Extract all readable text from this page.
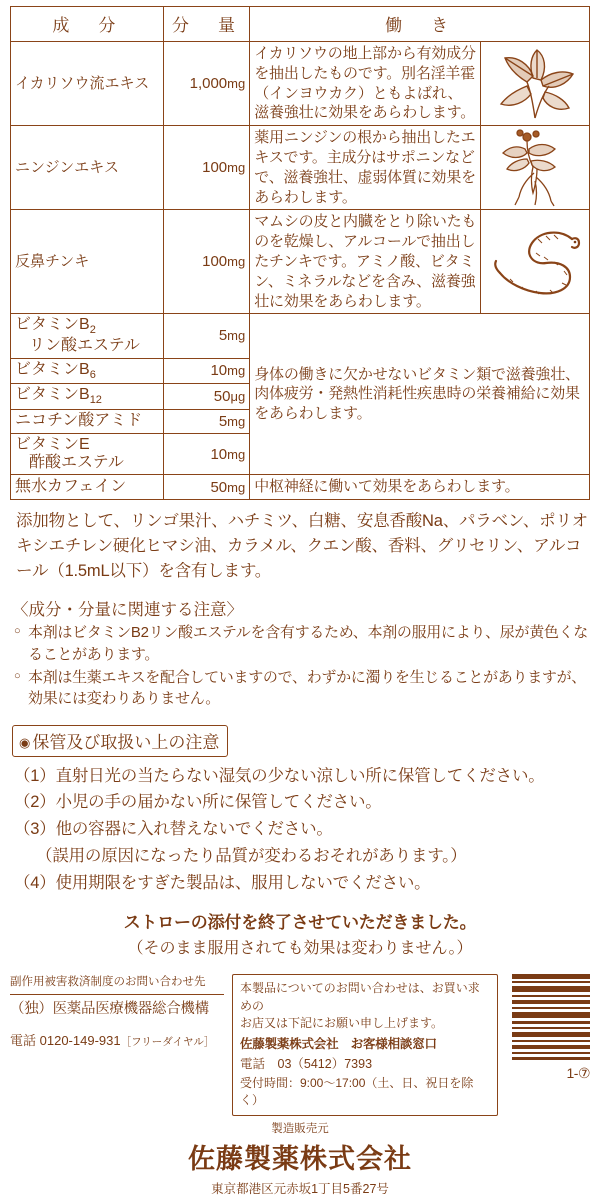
成　分	分　量	働　き	
イカリソウ流エキス	1,000mg	イカリソウの地上部から有効成分を抽出したものです。別名淫羊霍（インヨウカク）ともよばれ、滋養強壮に効果をあらわします。	

ニンジンエキス	100mg	薬用ニンジンの根から抽出したエキスです。主成分はサポニンなどで、滋養強壮、虚弱体質に効果をあらわします。	

反鼻チンキ	100mg	マムシの皮と内臓をとり除いたものを乾燥し、アルコールで抽出したチンキです。アミノ酸、ビタミン、ミネラルなどを含み、滋養強壮に効果をあらわします。	

ビタミン$B_2$
リン酸エステル	5mg	身体の働きに欠かせないビタミン類で滋養強壮、肉体疲労・発熱性消耗性疾患時の栄養補給に効果をあらわします。	
ビタミン$B_6$	10mg		
ビタミン$B_{12}$	50μg		
ニコチン酸アミド	5mg		
ビタミンE
酢酸エステル	10mg		
無水カフェイン	50mg	中枢神経に働いて効果をあらわします。	
添加物として、リンゴ果汁、ハチミツ、白糖、安息香酸Na、パラベン、ポリオキシエチレン硬化ヒマシ油、カラメル、クエン酸、香料、グリセリン、アルコール（1.5mL以下）を含有します。
〈成分・分量に関連する注意〉
○ 本剤はビタミンB2リン酸エステルを含有するため、本剤の服用により、尿が黄色くなることがあります。
○ 本剤は生薬エキスを配合していますので、わずかに濁りを生じることがありますが、効果には変わりありません。
◉ 保管及び取扱い上の注意
（1）直射日光の当たらない湿気の少ない涼しい所に保管してください。
（2）小児の手の届かない所に保管してください。
（3）他の容器に入れ替えないでください。
（誤用の原因になったり品質が変わるおそれがあります。）
（4）使用期限をすぎた製品は、服用しないでください。
ストローの添付を終了させていただきました。
（そのまま服用されても効果は変わりません。）
副作用被害救済制度のお問い合わせ先
（独）医薬品医療機器総合機構
電話 0120-149-931［フリーダイヤル］
本製品についてのお問い合わせは、お買い求めの
お店又は下記にお願い申し上げます。
佐藤製薬株式会社　お客様相談窓口
電話　03（5412）7393
受付時間：9:00～17:00（土、日、祝日を除く）
1-⑦
製造販売元
佐藤製薬株式会社
東京都港区元赤坂1丁目5番27号
